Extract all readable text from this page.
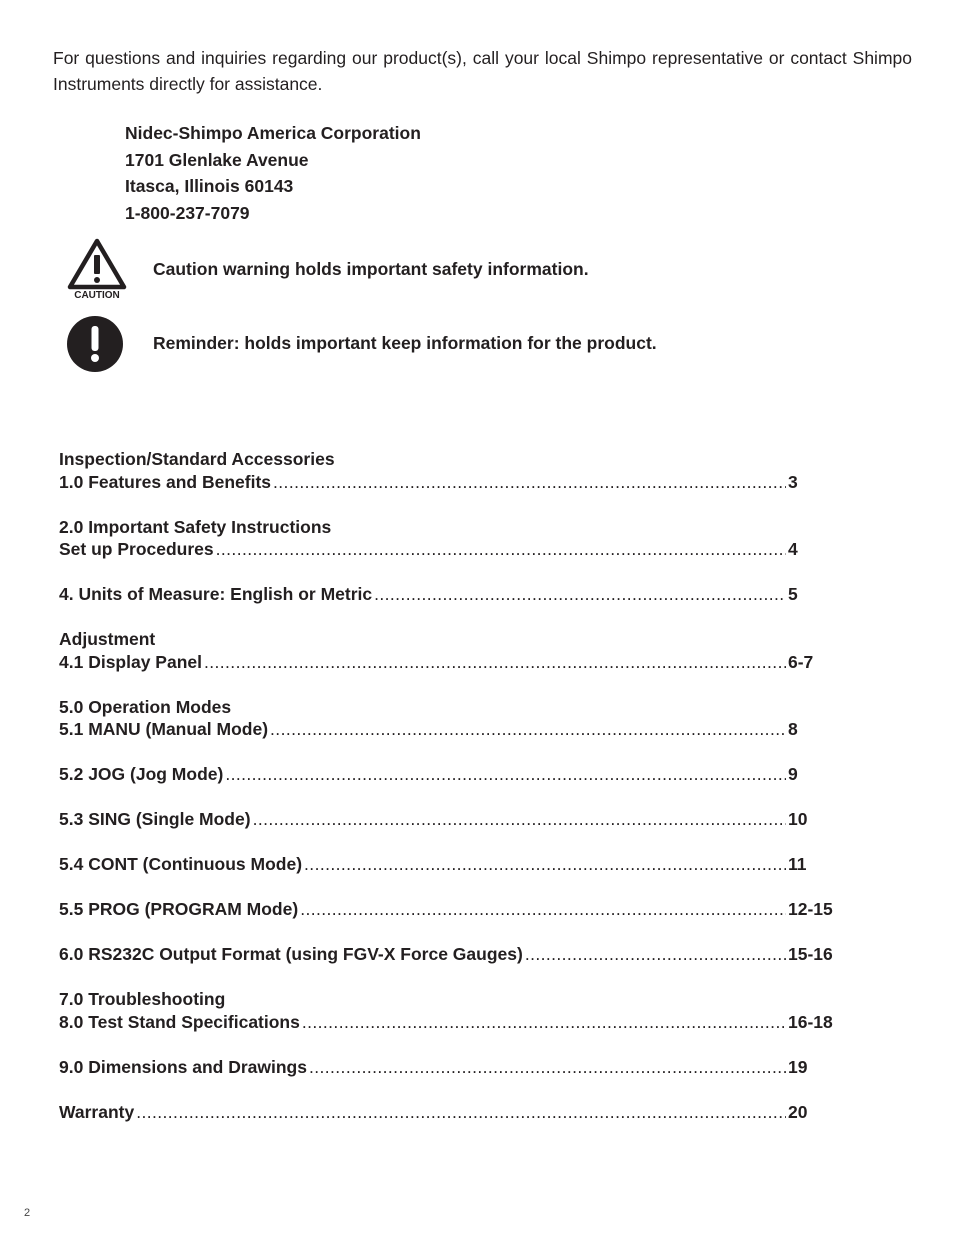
For questions and inquiries regarding our product(s), call your local Shimpo representative or contact Shimpo Instruments directly for assistance.
Nidec-Shimpo America Corporation
1701 Glenlake Avenue
Itasca, Illinois 60143
1-800-237-7079
CAUTION
Caution warning holds important safety information.
Reminder: holds important keep information for the product.
Inspection/Standard Accessories
1.0 Features and Benefits .....	3
2.0 Important Safety Instructions
Set up Procedures .....	4
4. Units of Measure: English or Metric .....	5
Adjustment
4.1 Display Panel .....	6-7
5.0 Operation Modes
5.1 MANU (Manual Mode) .....	8
5.2 JOG (Jog Mode) .....	9
5.3 SING (Single Mode) .....	10
5.4 CONT (Continuous Mode) .....	11
5.5 PROG (PROGRAM Mode) .....	12-15
6.0 RS232C Output Format (using FGV-X Force Gauges) .....	15-16
7.0 Troubleshooting
8.0 Test Stand Specifications .....	16-18
9.0 Dimensions and Drawings .....	19
Warranty .....	20
2
